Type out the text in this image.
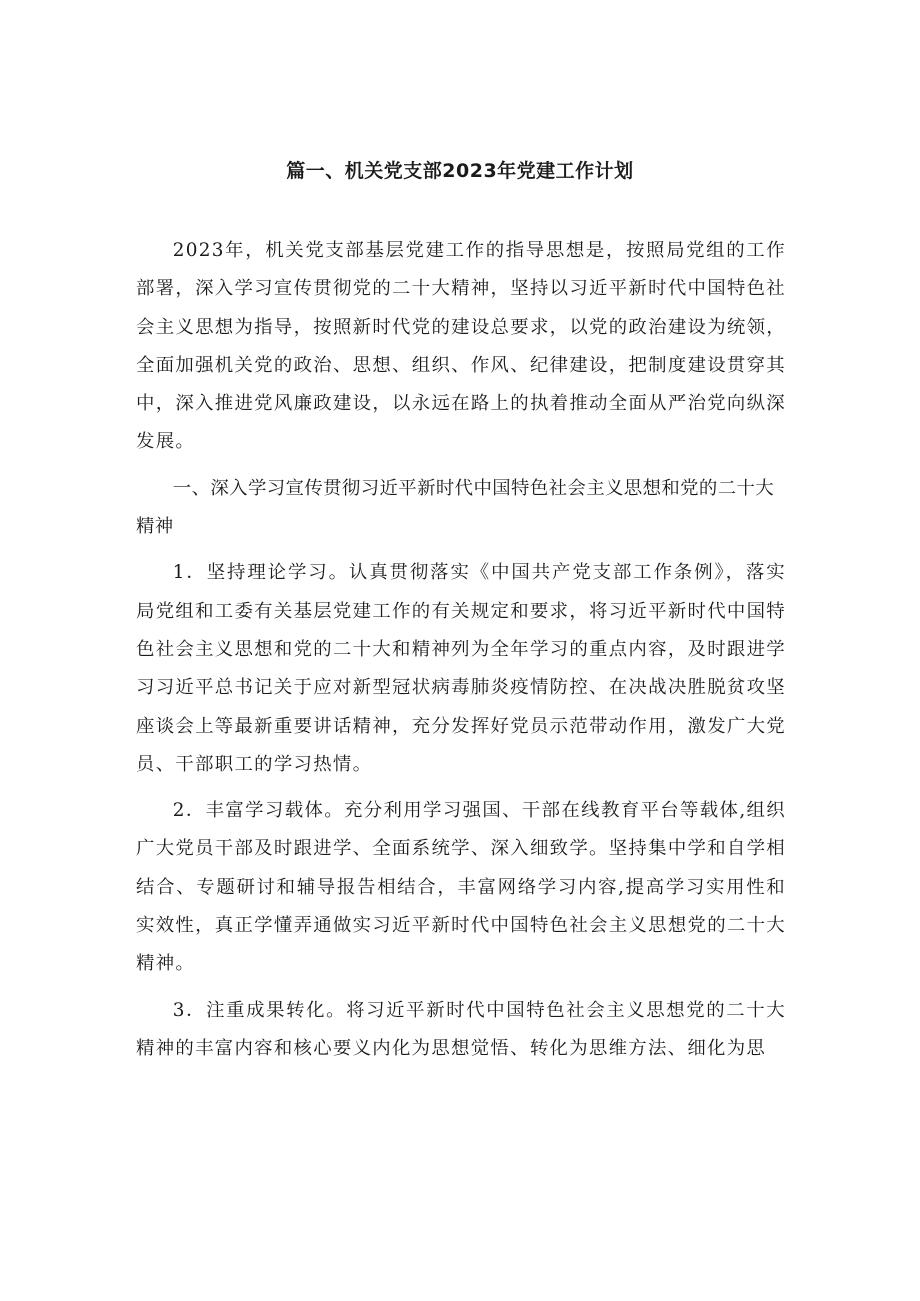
篇一、机关党支部2023年党建工作计划

2023年，机关党支部基层党建工作的指导思想是，按照局党组的工作部署，深入学习宣传贯彻党的二十大精神，坚持以习近平新时代中国特色社会主义思想为指导，按照新时代党的建设总要求，以党的政治建设为统领，全面加强机关党的政治、思想、组织、作风、纪律建设，把制度建设贯穿其中，深入推进党风廉政建设，以永远在路上的执着推动全面从严治党向纵深发展。

一、深入学习宣传贯彻习近平新时代中国特色社会主义思想和党的二十大精神

1．坚持理论学习。认真贯彻落实《中国共产党支部工作条例》，落实局党组和工委有关基层党建工作的有关规定和要求，将习近平新时代中国特色社会主义思想和党的二十大和精神列为全年学习的重点内容，及时跟进学习习近平总书记关于应对新型冠状病毒肺炎疫情防控、在决战决胜脱贫攻坚座谈会上等最新重要讲话精神，充分发挥好党员示范带动作用，激发广大党员、干部职工的学习热情。

2．丰富学习载体。充分利用学习强国、干部在线教育平台等载体,组织广大党员干部及时跟进学、全面系统学、深入细致学。坚持集中学和自学相结合、专题研讨和辅导报告相结合，丰富网络学习内容,提高学习实用性和实效性，真正学懂弄通做实习近平新时代中国特色社会主义思想党的二十大精神。

3．注重成果转化。将习近平新时代中国特色社会主义思想党的二十大精神的丰富内容和核心要义内化为思想觉悟、转化为思维方法、细化为思
